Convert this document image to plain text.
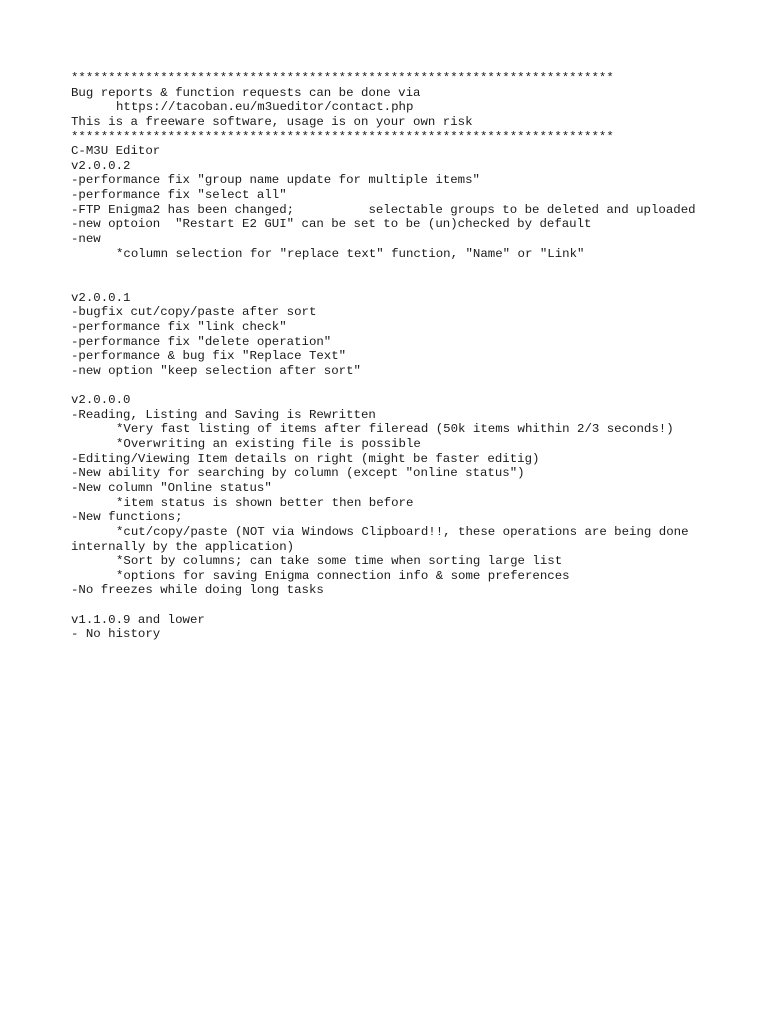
*************************************************************************
Bug reports & function requests can be done via
https://tacoban.eu/m3ueditor/contact.php
This is a freeware software, usage is on your own risk
*************************************************************************
C-M3U Editor
v2.0.0.2
-performance fix "group name update for multiple items"
-performance fix "select all"
-FTP Enigma2 has been changed;	selectable groups to be deleted and uploaded
-new optoion  "Restart E2 GUI" can be set to be (un)checked by default
-new
*column selection for "replace text" function, "Name" or "Link"
v2.0.0.1
-bugfix cut/copy/paste after sort
-performance fix "link check"
-performance fix "delete operation"
-performance & bug fix "Replace Text"
-new option "keep selection after sort"
v2.0.0.0
-Reading, Listing and Saving is Rewritten
*Very fast listing of items after fileread (50k items whithin 2/3 seconds!)
*Overwriting an existing file is possible
-Editing/Viewing Item details on right (might be faster editig)
-New ability for searching by column (except "online status")
-New column "Online status"
*item status is shown better then before
-New functions;
*cut/copy/paste (NOT via Windows Clipboard!!, these operations are being done internally by the application)
*Sort by columns; can take some time when sorting large list
*options for saving Enigma connection info & some preferences
-No freezes while doing long tasks
v1.1.0.9 and lower
- No history
